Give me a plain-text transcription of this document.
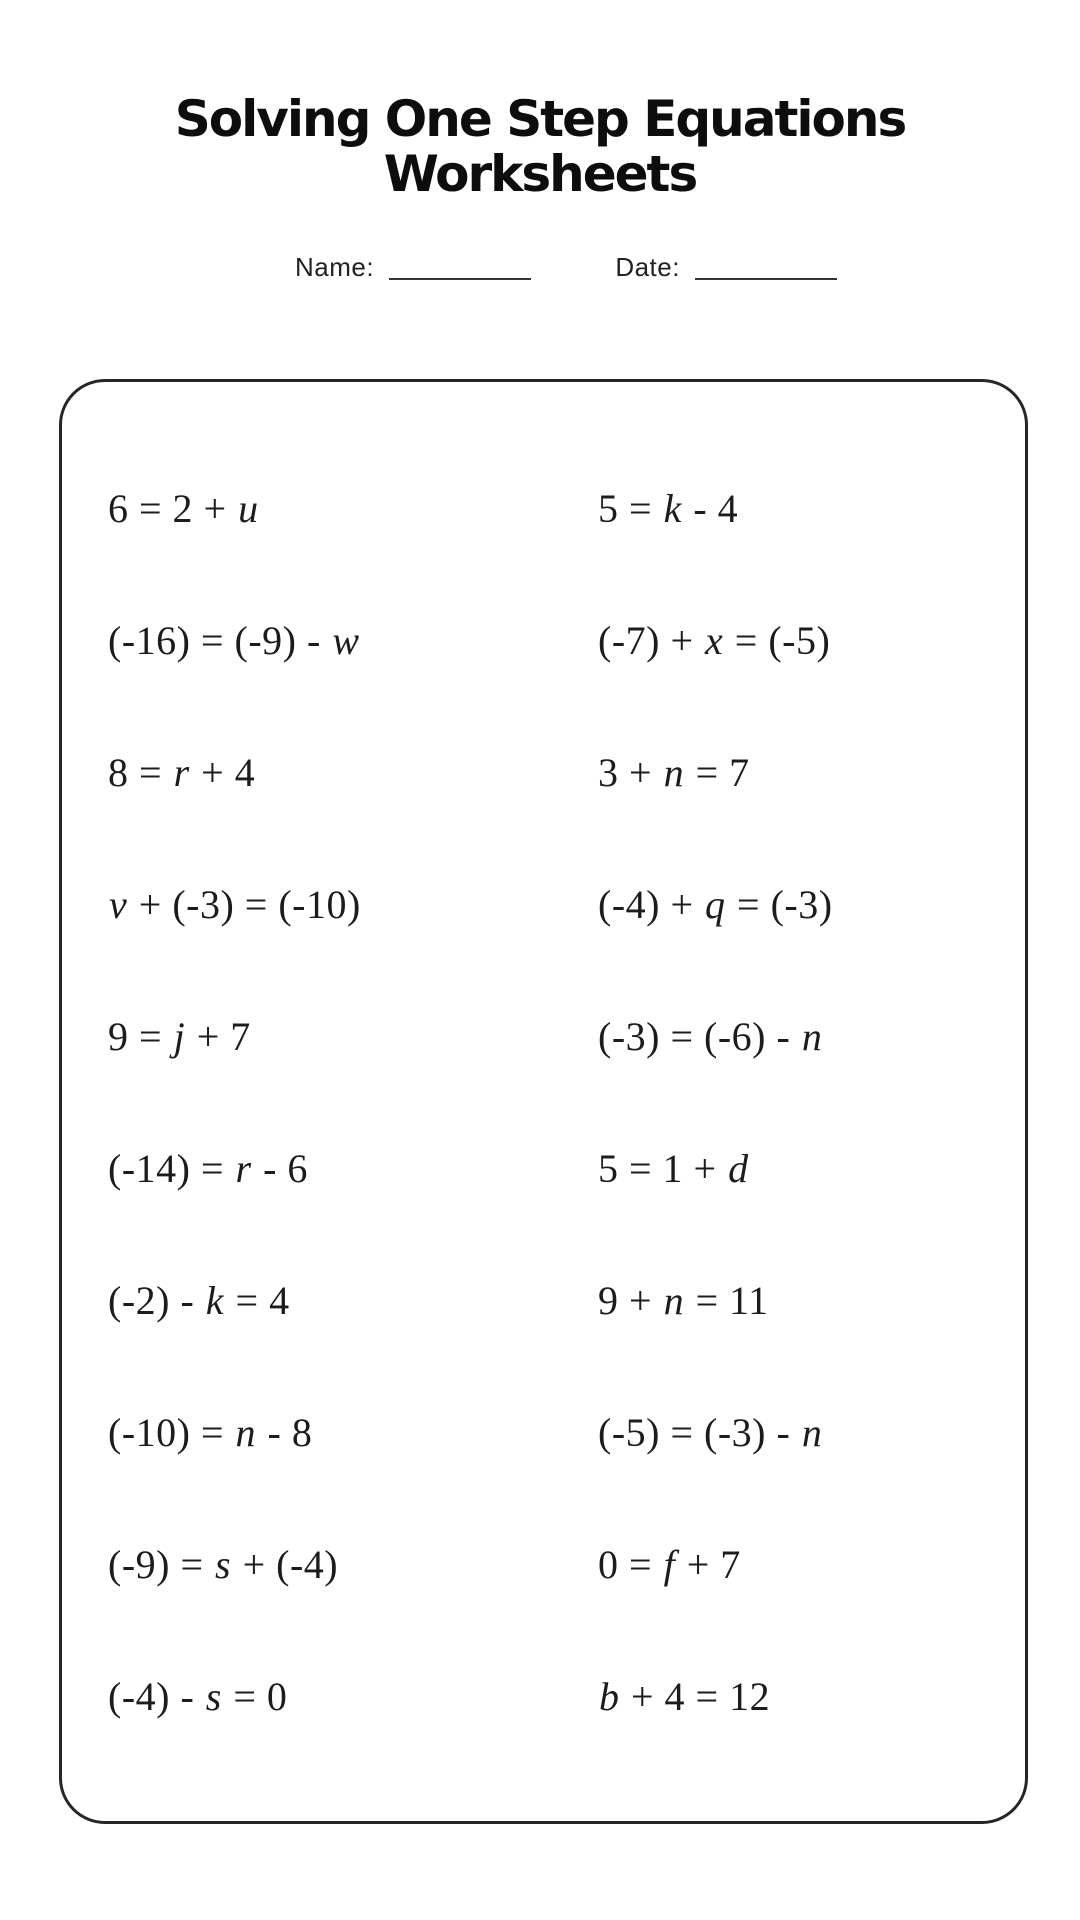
Solving One Step Equations
Worksheets
Name:	Date:
6 = 2 + u	5 = k - 4
(-16) = (-9) - w	(-7) + x = (-5)
8 = r + 4	3 + n = 7
v + (-3) = (-10)	(-4) + q = (-3)
9 = j + 7	(-3) = (-6) - n
(-14) = r - 6	5 = 1 + d
(-2) - k = 4	9 + n = 11
(-10) = n - 8	(-5) = (-3) - n
(-9) = s + (-4)	0 = f + 7
(-4) - s = 0	b + 4 = 12
